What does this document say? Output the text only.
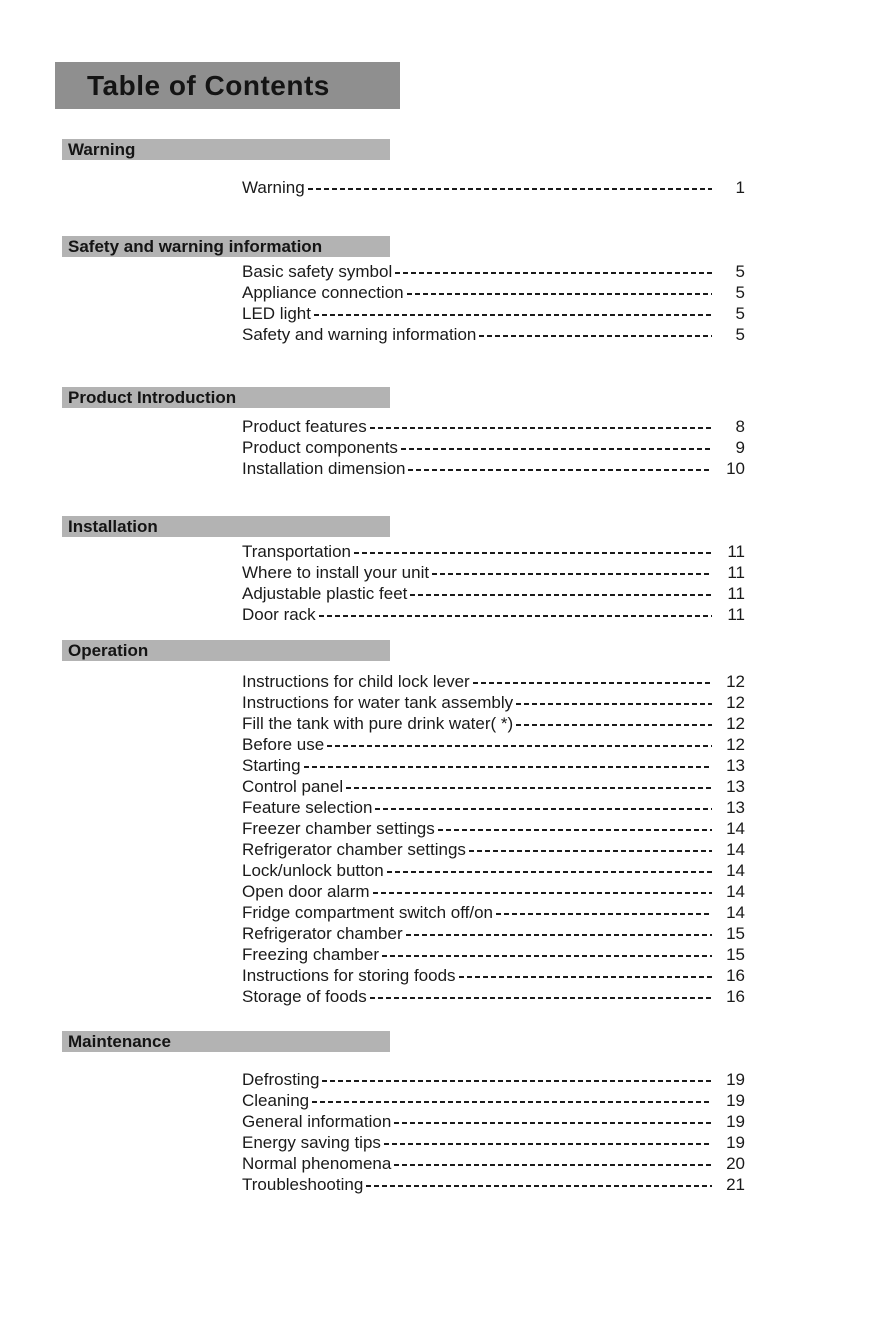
Table of Contents
Warning
Warning	1
Safety and warning information
Basic safety symbol	5
Appliance connection	5
LED light	5
Safety and warning information	5
Product Introduction
Product features	8
Product components	9
Installation dimension	10
Installation
Transportation	11
Where to install your unit	11
Adjustable plastic feet	11
Door rack	11
Operation
Instructions for child lock lever	12
Instructions for water tank assembly	12
Fill the tank with pure drink water( *)	12
Before use	12
Starting	13
Control panel	13
Feature selection	13
Freezer chamber settings	14
Refrigerator chamber settings	14
Lock/unlock button	14
Open door alarm	14
Fridge compartment switch off/on	14
Refrigerator chamber	15
Freezing chamber	15
Instructions for storing foods	16
Storage of foods	16
Maintenance
Defrosting	19
Cleaning	19
General information	19
Energy saving tips	19
Normal phenomena	20
Troubleshooting	21
